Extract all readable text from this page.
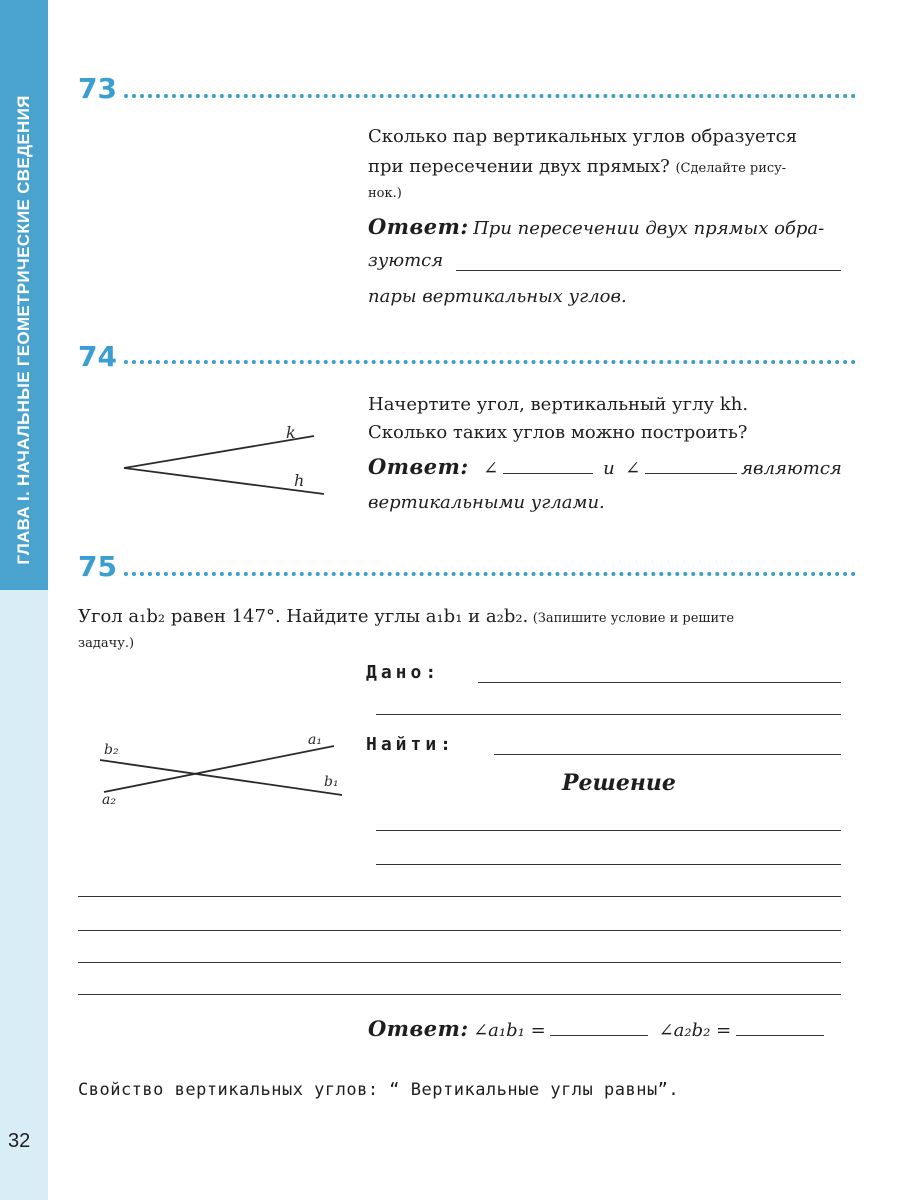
ГЛАВА I. НАЧАЛЬНЫЕ ГЕОМЕТРИЧЕСКИЕ СВЕДЕНИЯ
32
73
Сколько пар вертикальных углов образуется
при пересечении двух прямых? (Сделайте рису-
нок.)
Ответ: При пересечении двух прямых обра-
зуются
пары вертикальных углов.
74
k
h
Начертите угол, вертикальный углу kh.
Сколько таких углов можно построить?
Ответ: ∠	и ∠	являются
вертикальными углами.
75
Угол a₁b₂ равен 147°. Найдите углы a₁b₁ и a₂b₂. (Запишите условие и решите
задачу.)
Дано:
Найти:
Решение
b₂
a₂
a₁
b₁
Ответ: ∠a₁b₁ =	∠a₂b₂ =
Свойство вертикальных углов: “ Вертикальные углы равны”.
